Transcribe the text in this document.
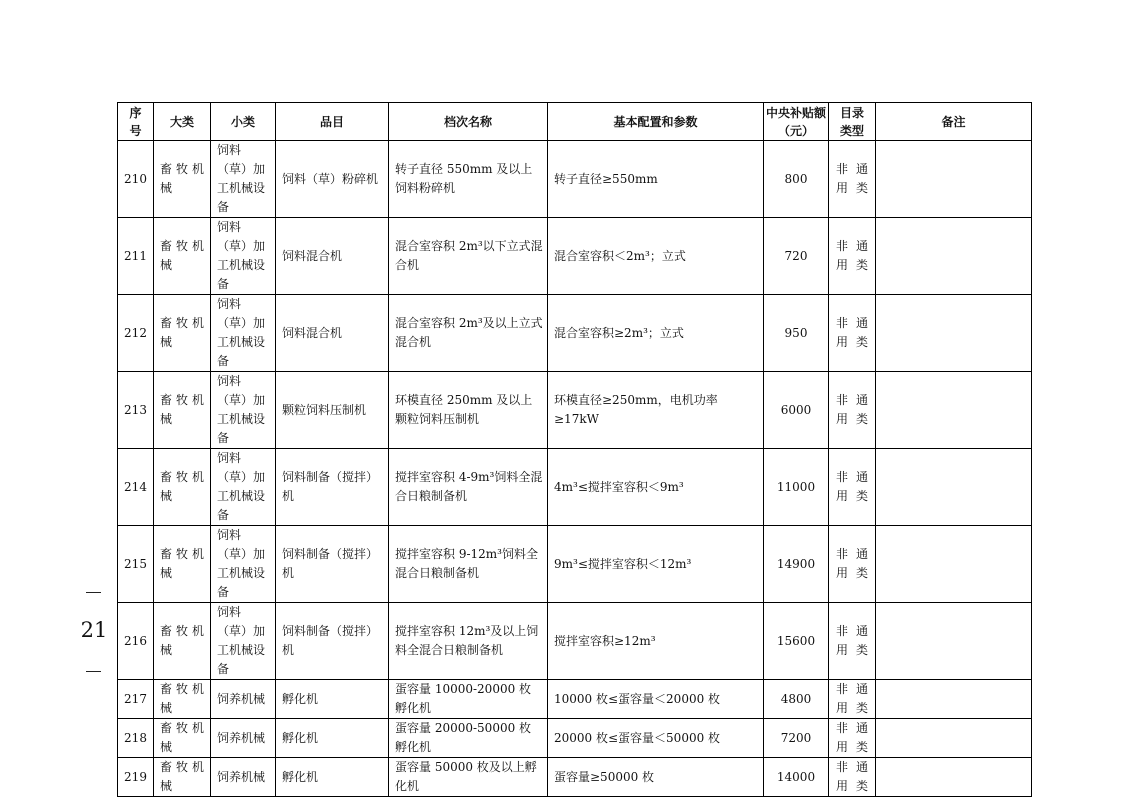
序号	大类	小类	品目	档次名称	基本配置和参数	中央补贴额（元）	目录类型	备注
210	畜牧机械	饲料（草）加工机械设备	饲料（草）粉碎机	转子直径 550mm 及以上饲料粉碎机	转子直径≥550mm	800	非通用类	
211	畜牧机械	饲料（草）加工机械设备	饲料混合机	混合室容积 2m³以下立式混合机	混合室容积＜2m³；立式	720	非通用类	
212	畜牧机械	饲料（草）加工机械设备	饲料混合机	混合室容积 2m³及以上立式混合机	混合室容积≥2m³；立式	950	非通用类	
213	畜牧机械	饲料（草）加工机械设备	颗粒饲料压制机	环模直径 250mm 及以上颗粒饲料压制机	环模直径≥250mm，电机功率≥17kW	6000	非通用类	
214	畜牧机械	饲料（草）加工机械设备	饲料制备（搅拌）机	搅拌室容积 4-9m³饲料全混合日粮制备机	4m³≤搅拌室容积＜9m³	11000	非通用类	
215	畜牧机械	饲料（草）加工机械设备	饲料制备（搅拌）机	搅拌室容积 9-12m³饲料全混合日粮制备机	9m³≤搅拌室容积＜12m³	14900	非通用类	
216	畜牧机械	饲料（草）加工机械设备	饲料制备（搅拌）机	搅拌室容积 12m³及以上饲料全混合日粮制备机	搅拌室容积≥12m³	15600	非通用类	
217	畜牧机械	饲养机械	孵化机	蛋容量 10000-20000 枚孵化机	10000 枚≤蛋容量＜20000 枚	4800	非通用类	
218	畜牧机械	饲养机械	孵化机	蛋容量 20000-50000 枚孵化机	20000 枚≤蛋容量＜50000 枚	7200	非通用类	
219	畜牧机械	饲养机械	孵化机	蛋容量 50000 枚及以上孵化机	蛋容量≥50000 枚	14000	非通用类	
21
